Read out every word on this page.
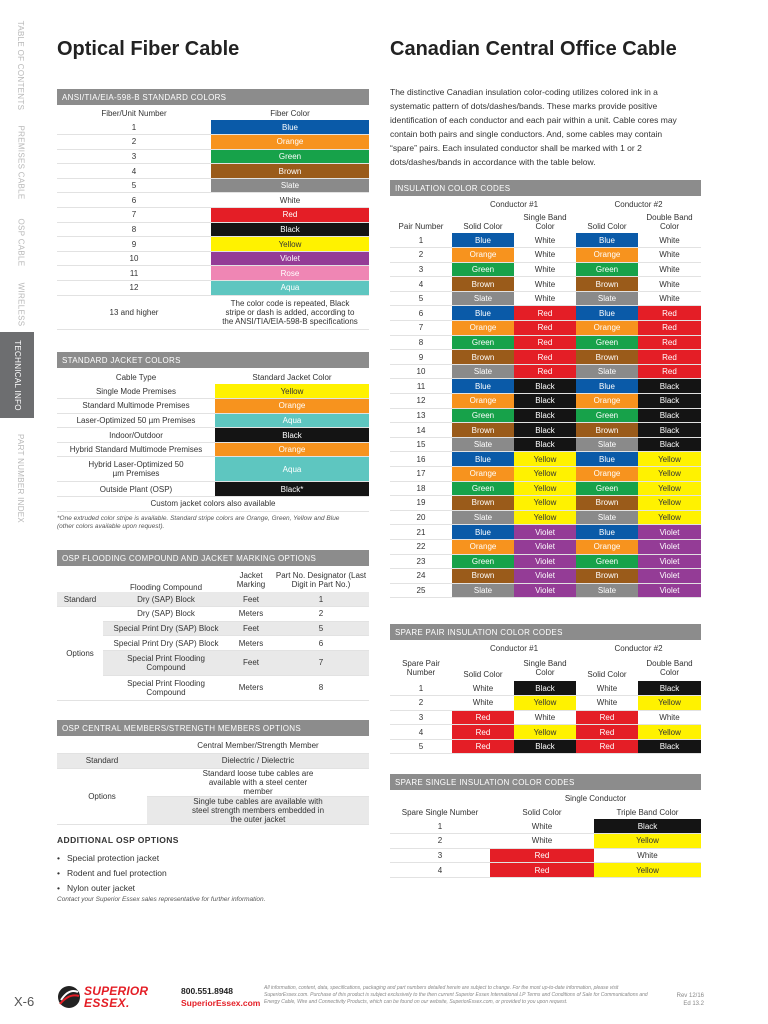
TABLE OF CONTENTS
PREMISES CABLE
OSP CABLE
WIRELESS
TECHNICAL INFO
PART NUMBER INDEX
Optical Fiber Cable
ANSI/TIA/EIA-598-B STANDARD COLORS
Fiber/Unit Number	Fiber Color
1	Blue
2	Orange
3	Green
4	Brown
5	Slate
6	White
7	Red
8	Black
9	Yellow
10	Violet
11	Rose
12	Aqua
13 and higher	The color code is repeated, Black stripe or dash is added, according to the ANSI/TIA/EIA-598-B specifications
STANDARD JACKET COLORS
Cable Type	Standard Jacket Color
Single Mode Premises	Yellow
Standard Multimode Premises	Orange
Laser-Optimized 50 µm Premises	Aqua
Indoor/Outdoor	Black
Hybrid Standard Multimode Premises	Orange
Hybrid Laser-Optimized 50 µm Premises	Aqua
Outside Plant (OSP)	Black*
Custom jacket colors also available	
*One extruded color stripe is available. Standard stripe colors are Orange, Green, Yellow and Blue (other colors available upon request).
OSP FLOODING COMPOUND AND JACKET MARKING OPTIONS
	Flooding Compound	Jacket Marking	Part No. Designator (Last Digit in Part No.)
Standard	Dry (SAP) Block	Feet	1
Options	Dry (SAP) Block	Meters	2
	Special Print Dry (SAP) Block	Feet	5
	Special Print Dry (SAP) Block	Meters	6
	Special Print Flooding Compound	Feet	7
	Special Print Flooding Compound	Meters	8
OSP CENTRAL MEMBERS/STRENGTH MEMBERS OPTIONS
	Central Member/Strength Member
Standard	Dielectric / Dielectric
Options	Standard loose tube cables are available with a steel center member
	Single tube cables are available with steel strength members embedded in the outer jacket
ADDITIONAL OSP OPTIONS
• Special protection jacket
• Rodent and fuel protection
• Nylon outer jacket
Contact your Superior Essex sales representative for further information.
Canadian Central Office Cable
The distinctive Canadian insulation color-coding utilizes colored ink in a systematic pattern of dots/dashes/bands. These marks provide positive identification of each conductor and each pair within a unit. Cable cores may contain both pairs and single conductors. And, some cables may contain “spare” pairs. Each insulated conductor shall be marked with 1 or 2 dots/dashes/bands in accordance with the table below.
INSULATION COLOR CODES
	Conductor #1		Conductor #2	
Pair Number	Solid Color	Single Band Color	Solid Color	Double Band Color
1	Blue	White	Blue	White
2	Orange	White	Orange	White
3	Green	White	Green	White
4	Brown	White	Brown	White
5	Slate	White	Slate	White
6	Blue	Red	Blue	Red
7	Orange	Red	Orange	Red
8	Green	Red	Green	Red
9	Brown	Red	Brown	Red
10	Slate	Red	Slate	Red
11	Blue	Black	Blue	Black
12	Orange	Black	Orange	Black
13	Green	Black	Green	Black
14	Brown	Black	Brown	Black
15	Slate	Black	Slate	Black
16	Blue	Yellow	Blue	Yellow
17	Orange	Yellow	Orange	Yellow
18	Green	Yellow	Green	Yellow
19	Brown	Yellow	Brown	Yellow
20	Slate	Yellow	Slate	Yellow
21	Blue	Violet	Blue	Violet
22	Orange	Violet	Orange	Violet
23	Green	Violet	Green	Violet
24	Brown	Violet	Brown	Violet
25	Slate	Violet	Slate	Violet
SPARE PAIR INSULATION COLOR CODES
	Conductor #1		Conductor #2	
Spare Pair Number	Solid Color	Single Band Color	Solid Color	Double Band Color
1	White	Black	White	Black
2	White	Yellow	White	Yellow
3	Red	White	Red	White
4	Red	Yellow	Red	Yellow
5	Red	Black	Red	Black
SPARE SINGLE INSULATION COLOR CODES
	Single Conductor	
Spare Single Number	Solid Color	Triple Band Color
1	White	Black
2	White	Yellow
3	Red	White
4	Red	Yellow
X-6
SUPERIOR
ESSEX.
800.551.8948
SuperiorEssex.com
All information, content, data, specifications, packaging and part numbers detailed herein are subject to change. For the most up-to-date information, please visit SuperiorEssex.com. Purchase of this product is subject exclusively to the then current Superior Essex International LP Terms and Conditions of Sale for Communications and Energy Cable, Wire and Connectivity Products, which can be found on our website, SuperiorEssex.com, or provided to you upon request.
Rev 12/16
Ed 13.2
